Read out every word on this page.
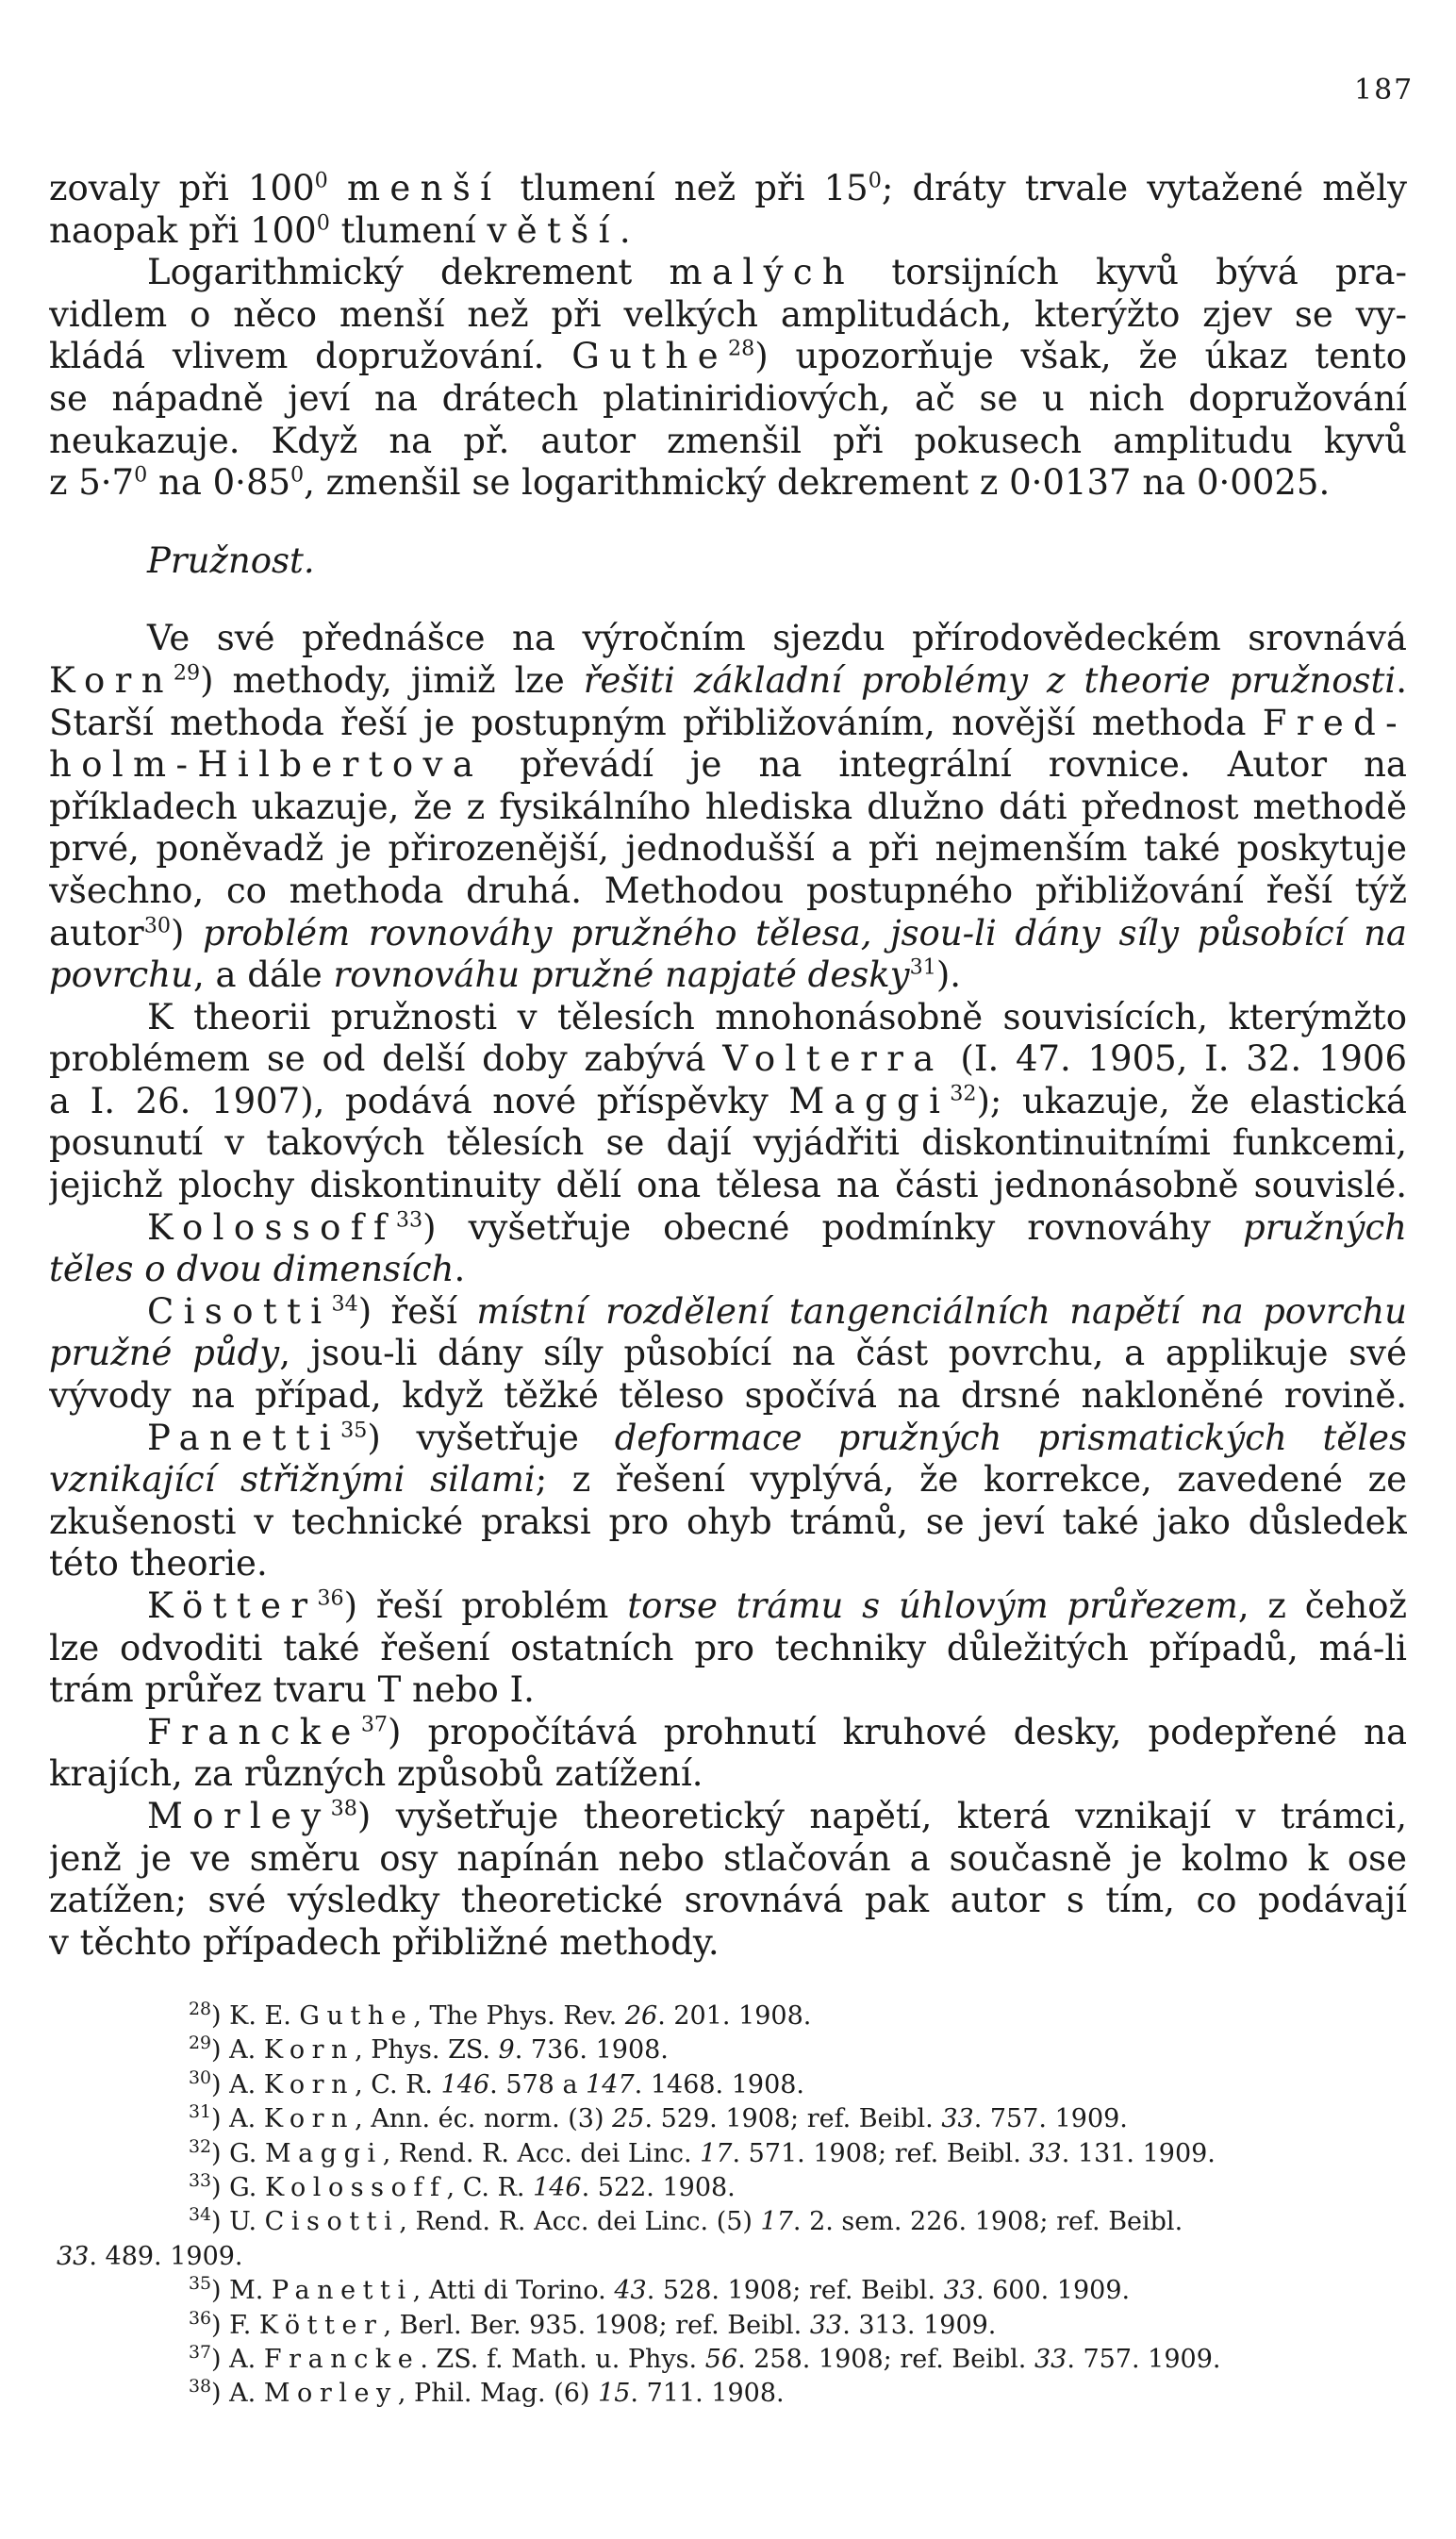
187
zovaly při $100^0$ menší tlumení než při $15^0$; dráty trvale vytažené měly
naopak při $100^0$ tlumení větší.
Logarithmický dekrement malých torsijních kyvů bývá pra-
vidlem o něco menší než při velkých amplitudách, kterýžto zjev se vy-
kládá vlivem dopružování. Guthe$^{28}$) upozorňuje však, že úkaz tento
se nápadně jeví na drátech platiniridiových, ač se u nich dopružování
neukazuje. Když na př. autor zmenšil při pokusech amplitudu kyvů
z $5\cdot 7^0$ na $0\cdot 85^0$, zmenšil se logarithmický dekrement z 0·0137 na 0·0025.
Pružnost.
Ve své přednášce na výročním sjezdu přírodovědeckém srovnává
Korn$^{29}$) methody, jimiž lze řešiti základní problémy z theorie pružnosti.
Starší methoda řeší je postupným přibližováním, novější methoda Fred-
holm-Hilbertova převádí je na integrální rovnice. Autor na
příkladech ukazuje, že z fysikálního hlediska dlužno dáti přednost methodě
prvé, poněvadž je přirozenější, jednodušší a při nejmenším také poskytuje
všechno, co methoda druhá. Methodou postupného přibližování řeší týž
autor$^{30}$) problém rovnováhy pružného tělesa, jsou-li dány síly působící na
povrchu, a dále rovnováhu pružné napjaté desky$^{31}$).
K theorii pružnosti v tělesích mnohonásobně souvisících, kterýmžto
problémem se od delší doby zabývá Volterra (I. 47. 1905, I. 32. 1906
a I. 26. 1907), podává nové příspěvky Maggi$^{32}$); ukazuje, že elastická
posunutí v takových tělesích se dají vyjádřiti diskontinuitními funkcemi,
jejichž plochy diskontinuity dělí ona tělesa na části jednonásobně souvislé.
Kolossoff$^{33}$) vyšetřuje obecné podmínky rovnováhy pružných
těles o dvou dimensích.
Cisotti$^{34}$) řeší místní rozdělení tangenciálních napětí na povrchu
pružné půdy, jsou-li dány síly působící na část povrchu, a applikuje své
vývody na případ, když těžké těleso spočívá na drsné nakloněné rovině.
Panetti$^{35}$) vyšetřuje deformace pružných prismatických těles
vznikající střižnými silami; z řešení vyplývá, že korrekce, zavedené ze
zkušenosti v technické praksi pro ohyb trámů, se jeví také jako důsledek
této theorie.
Kötter$^{36}$) řeší problém torse trámu s úhlovým průřezem, z čehož
lze odvoditi také řešení ostatních pro techniky důležitých případů, má-li
trám průřez tvaru T nebo I.
Francke$^{37}$) propočítává prohnutí kruhové desky, podepřené na
krajích, za různých způsobů zatížení.
Morley$^{38}$) vyšetřuje theoretický napětí, která vznikají v trámci,
jenž je ve směru osy napínán nebo stlačován a současně je kolmo k ose
zatížen; své výsledky theoretické srovnává pak autor s tím, co podávají
v těchto případech přibližné methody.
$^{28}$) K. E. Guthe, The Phys. Rev. 26. 201. 1908.
$^{29}$) A. Korn, Phys. ZS. 9. 736. 1908.
$^{30}$) A. Korn, C. R. 146. 578 a 147. 1468. 1908.
$^{31}$) A. Korn, Ann. éc. norm. (3) 25. 529. 1908; ref. Beibl. 33. 757. 1909.
$^{32}$) G. Maggi, Rend. R. Acc. dei Linc. 17. 571. 1908; ref. Beibl. 33. 131. 1909.
$^{33}$) G. Kolossoff, C. R. 146. 522. 1908.
$^{34}$) U. Cisotti, Rend. R. Acc. dei Linc. (5) 17. 2. sem. 226. 1908; ref. Beibl.
33. 489. 1909.
$^{35}$) M. Panetti, Atti di Torino. 43. 528. 1908; ref. Beibl. 33. 600. 1909.
$^{36}$) F. Kötter, Berl. Ber. 935. 1908; ref. Beibl. 33. 313. 1909.
$^{37}$) A. Francke. ZS. f. Math. u. Phys. 56. 258. 1908; ref. Beibl. 33. 757. 1909.
$^{38}$) A. Morley, Phil. Mag. (6) 15. 711. 1908.
